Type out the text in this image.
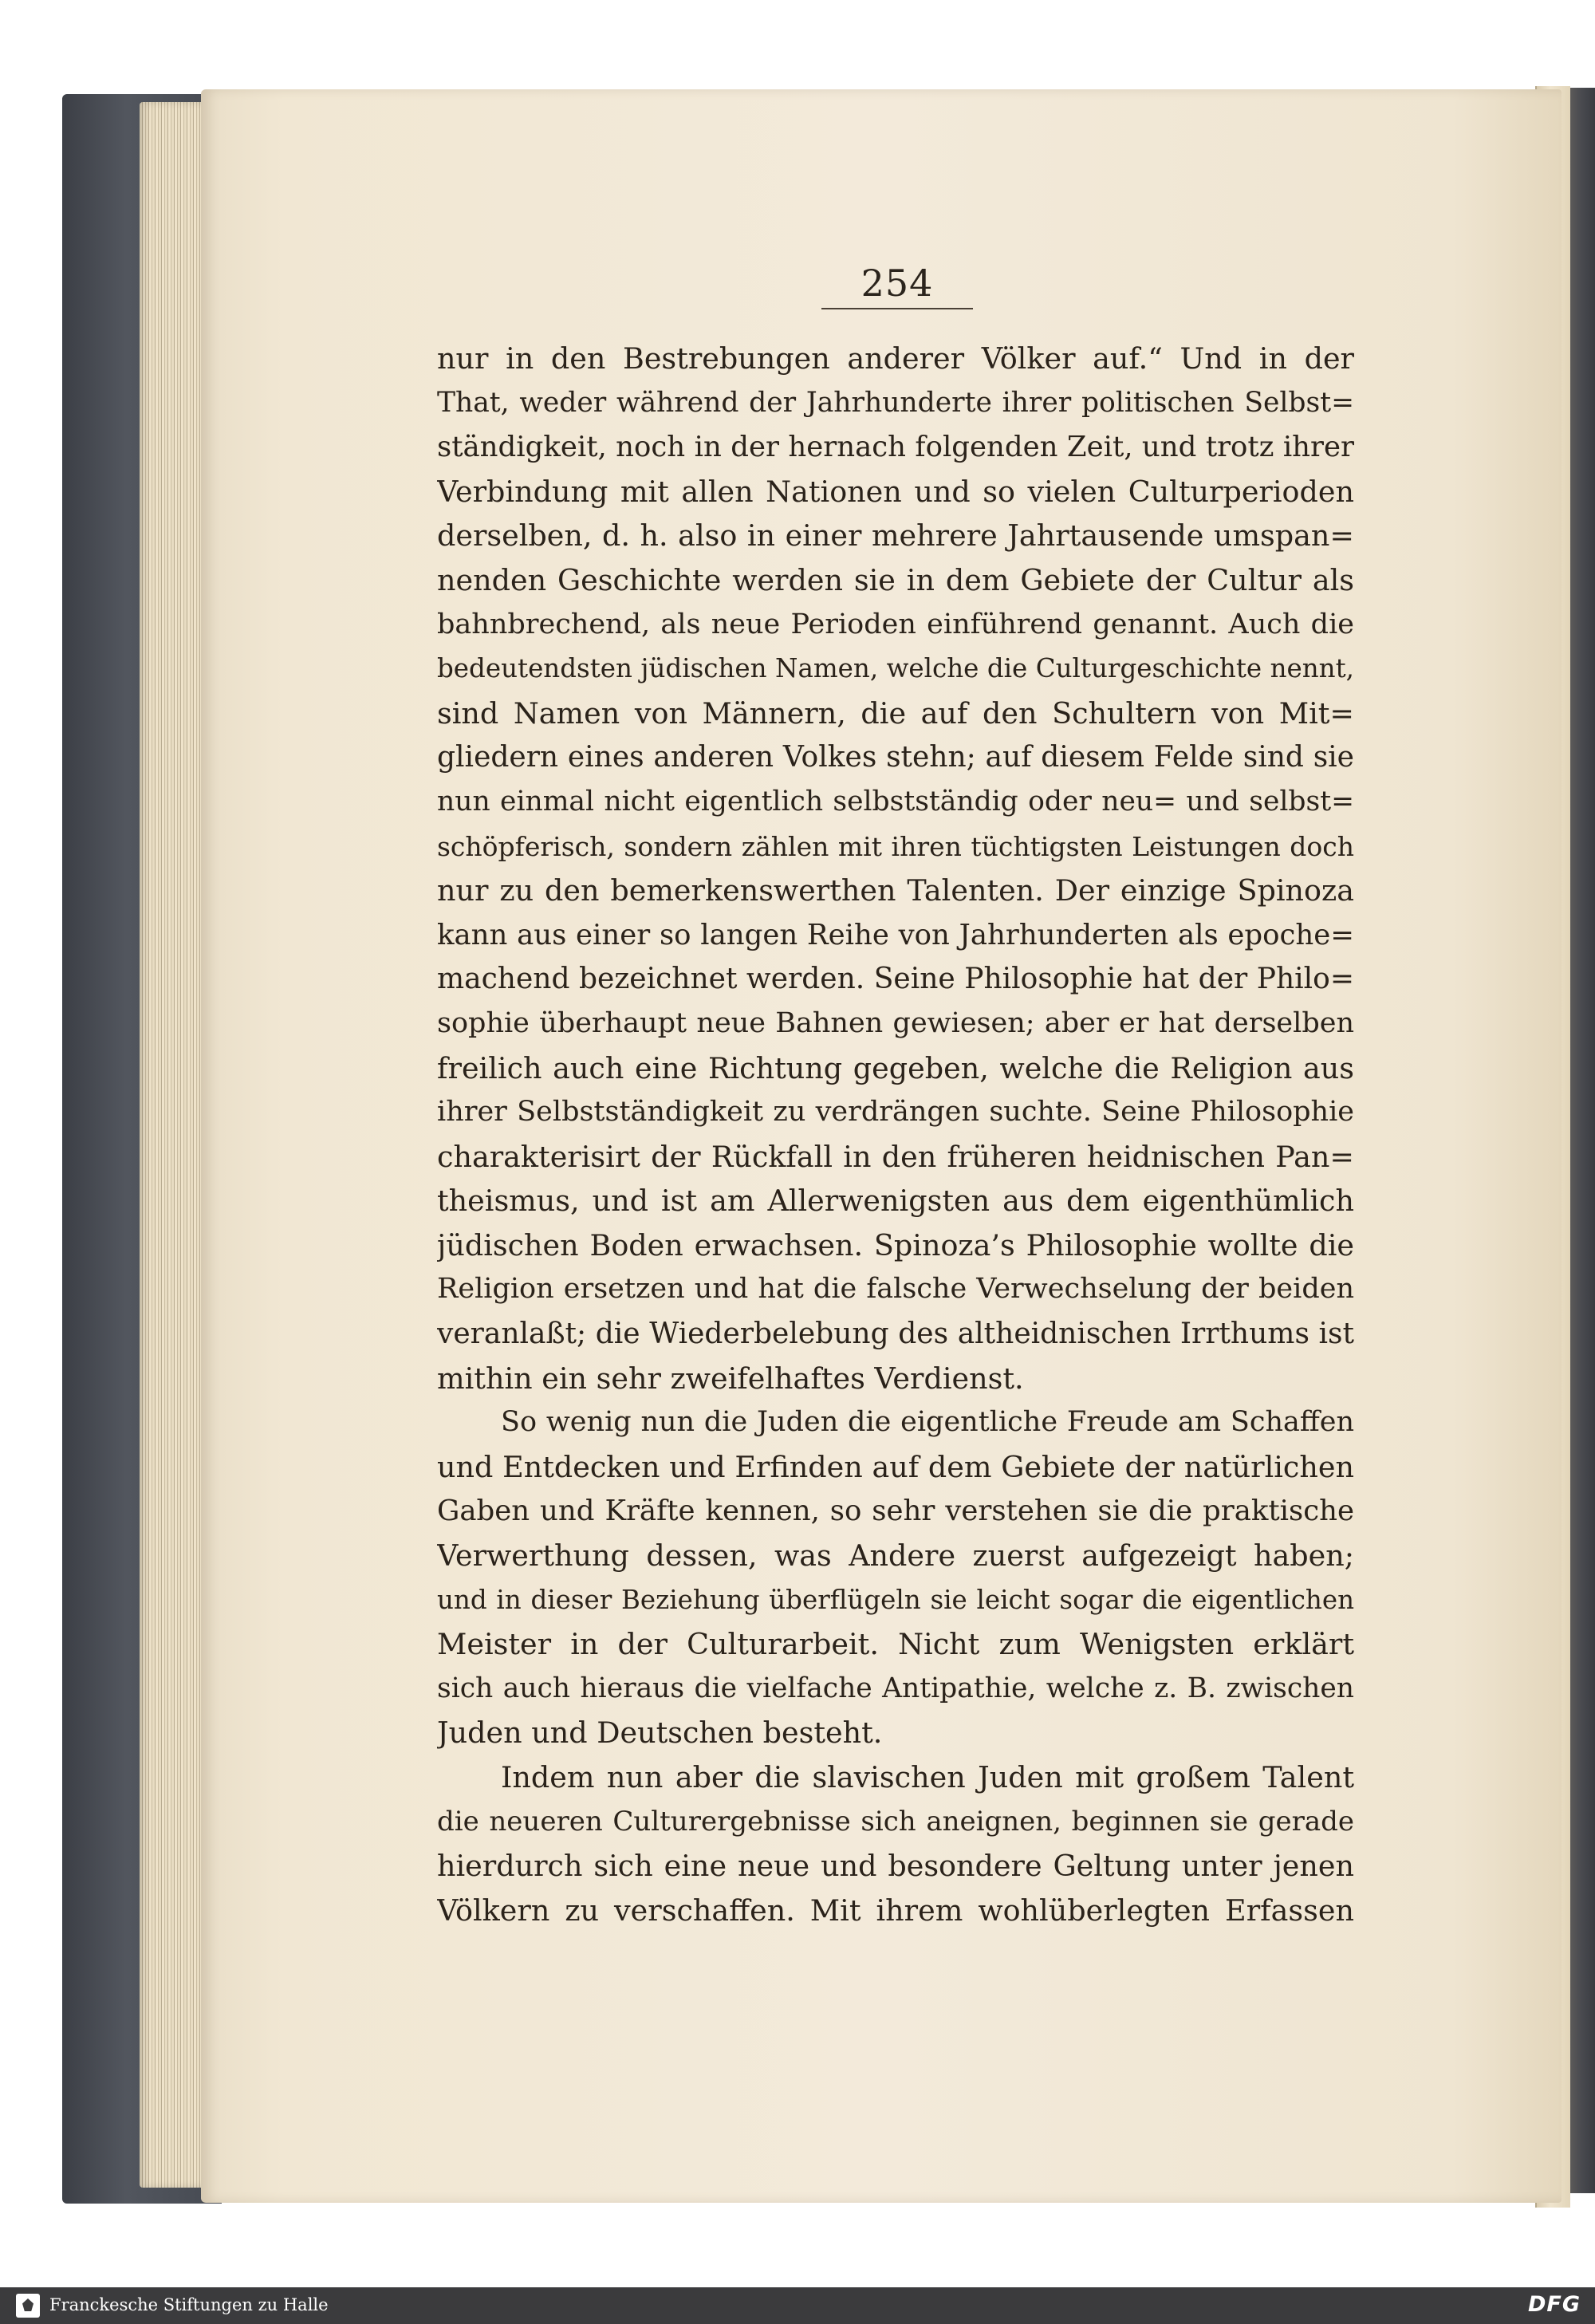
254
nur in den Bestrebungen anderer Völker auf.“ Und in der
That, weder während der Jahrhunderte ihrer politischen Selbst=
ständigkeit, noch in der hernach folgenden Zeit, und trotz ihrer
Verbindung mit allen Nationen und so vielen Culturperioden
derselben, d. h. also in einer mehrere Jahrtausende umspan=
nenden Geschichte werden sie in dem Gebiete der Cultur als
bahnbrechend, als neue Perioden einführend genannt. Auch die
bedeutendsten jüdischen Namen, welche die Culturgeschichte nennt,
sind Namen von Männern, die auf den Schultern von Mit=
gliedern eines anderen Volkes stehn; auf diesem Felde sind sie
nun einmal nicht eigentlich selbstständig oder neu= und selbst=
schöpferisch, sondern zählen mit ihren tüchtigsten Leistungen doch
nur zu den bemerkenswerthen Talenten. Der einzige Spinoza
kann aus einer so langen Reihe von Jahrhunderten als epoche=
machend bezeichnet werden. Seine Philosophie hat der Philo=
sophie überhaupt neue Bahnen gewiesen; aber er hat derselben
freilich auch eine Richtung gegeben, welche die Religion aus
ihrer Selbstständigkeit zu verdrängen suchte. Seine Philosophie
charakterisirt der Rückfall in den früheren heidnischen Pan=
theismus, und ist am Allerwenigsten aus dem eigenthümlich
jüdischen Boden erwachsen. Spinoza’s Philosophie wollte die
Religion ersetzen und hat die falsche Verwechselung der beiden
veranlaßt; die Wiederbelebung des altheidnischen Irrthums ist
mithin ein sehr zweifelhaftes Verdienst.
So wenig nun die Juden die eigentliche Freude am Schaffen
und Entdecken und Erfinden auf dem Gebiete der natürlichen
Gaben und Kräfte kennen, so sehr verstehen sie die praktische
Verwerthung dessen, was Andere zuerst aufgezeigt haben;
und in dieser Beziehung überflügeln sie leicht sogar die eigentlichen
Meister in der Culturarbeit. Nicht zum Wenigsten erklärt
sich auch hieraus die vielfache Antipathie, welche z. B. zwischen
Juden und Deutschen besteht.
Indem nun aber die slavischen Juden mit großem Talent
die neueren Culturergebnisse sich aneignen, beginnen sie gerade
hierdurch sich eine neue und besondere Geltung unter jenen
Völkern zu verschaffen. Mit ihrem wohlüberlegten Erfassen
Franckesche Stiftungen zu Halle	DFG
